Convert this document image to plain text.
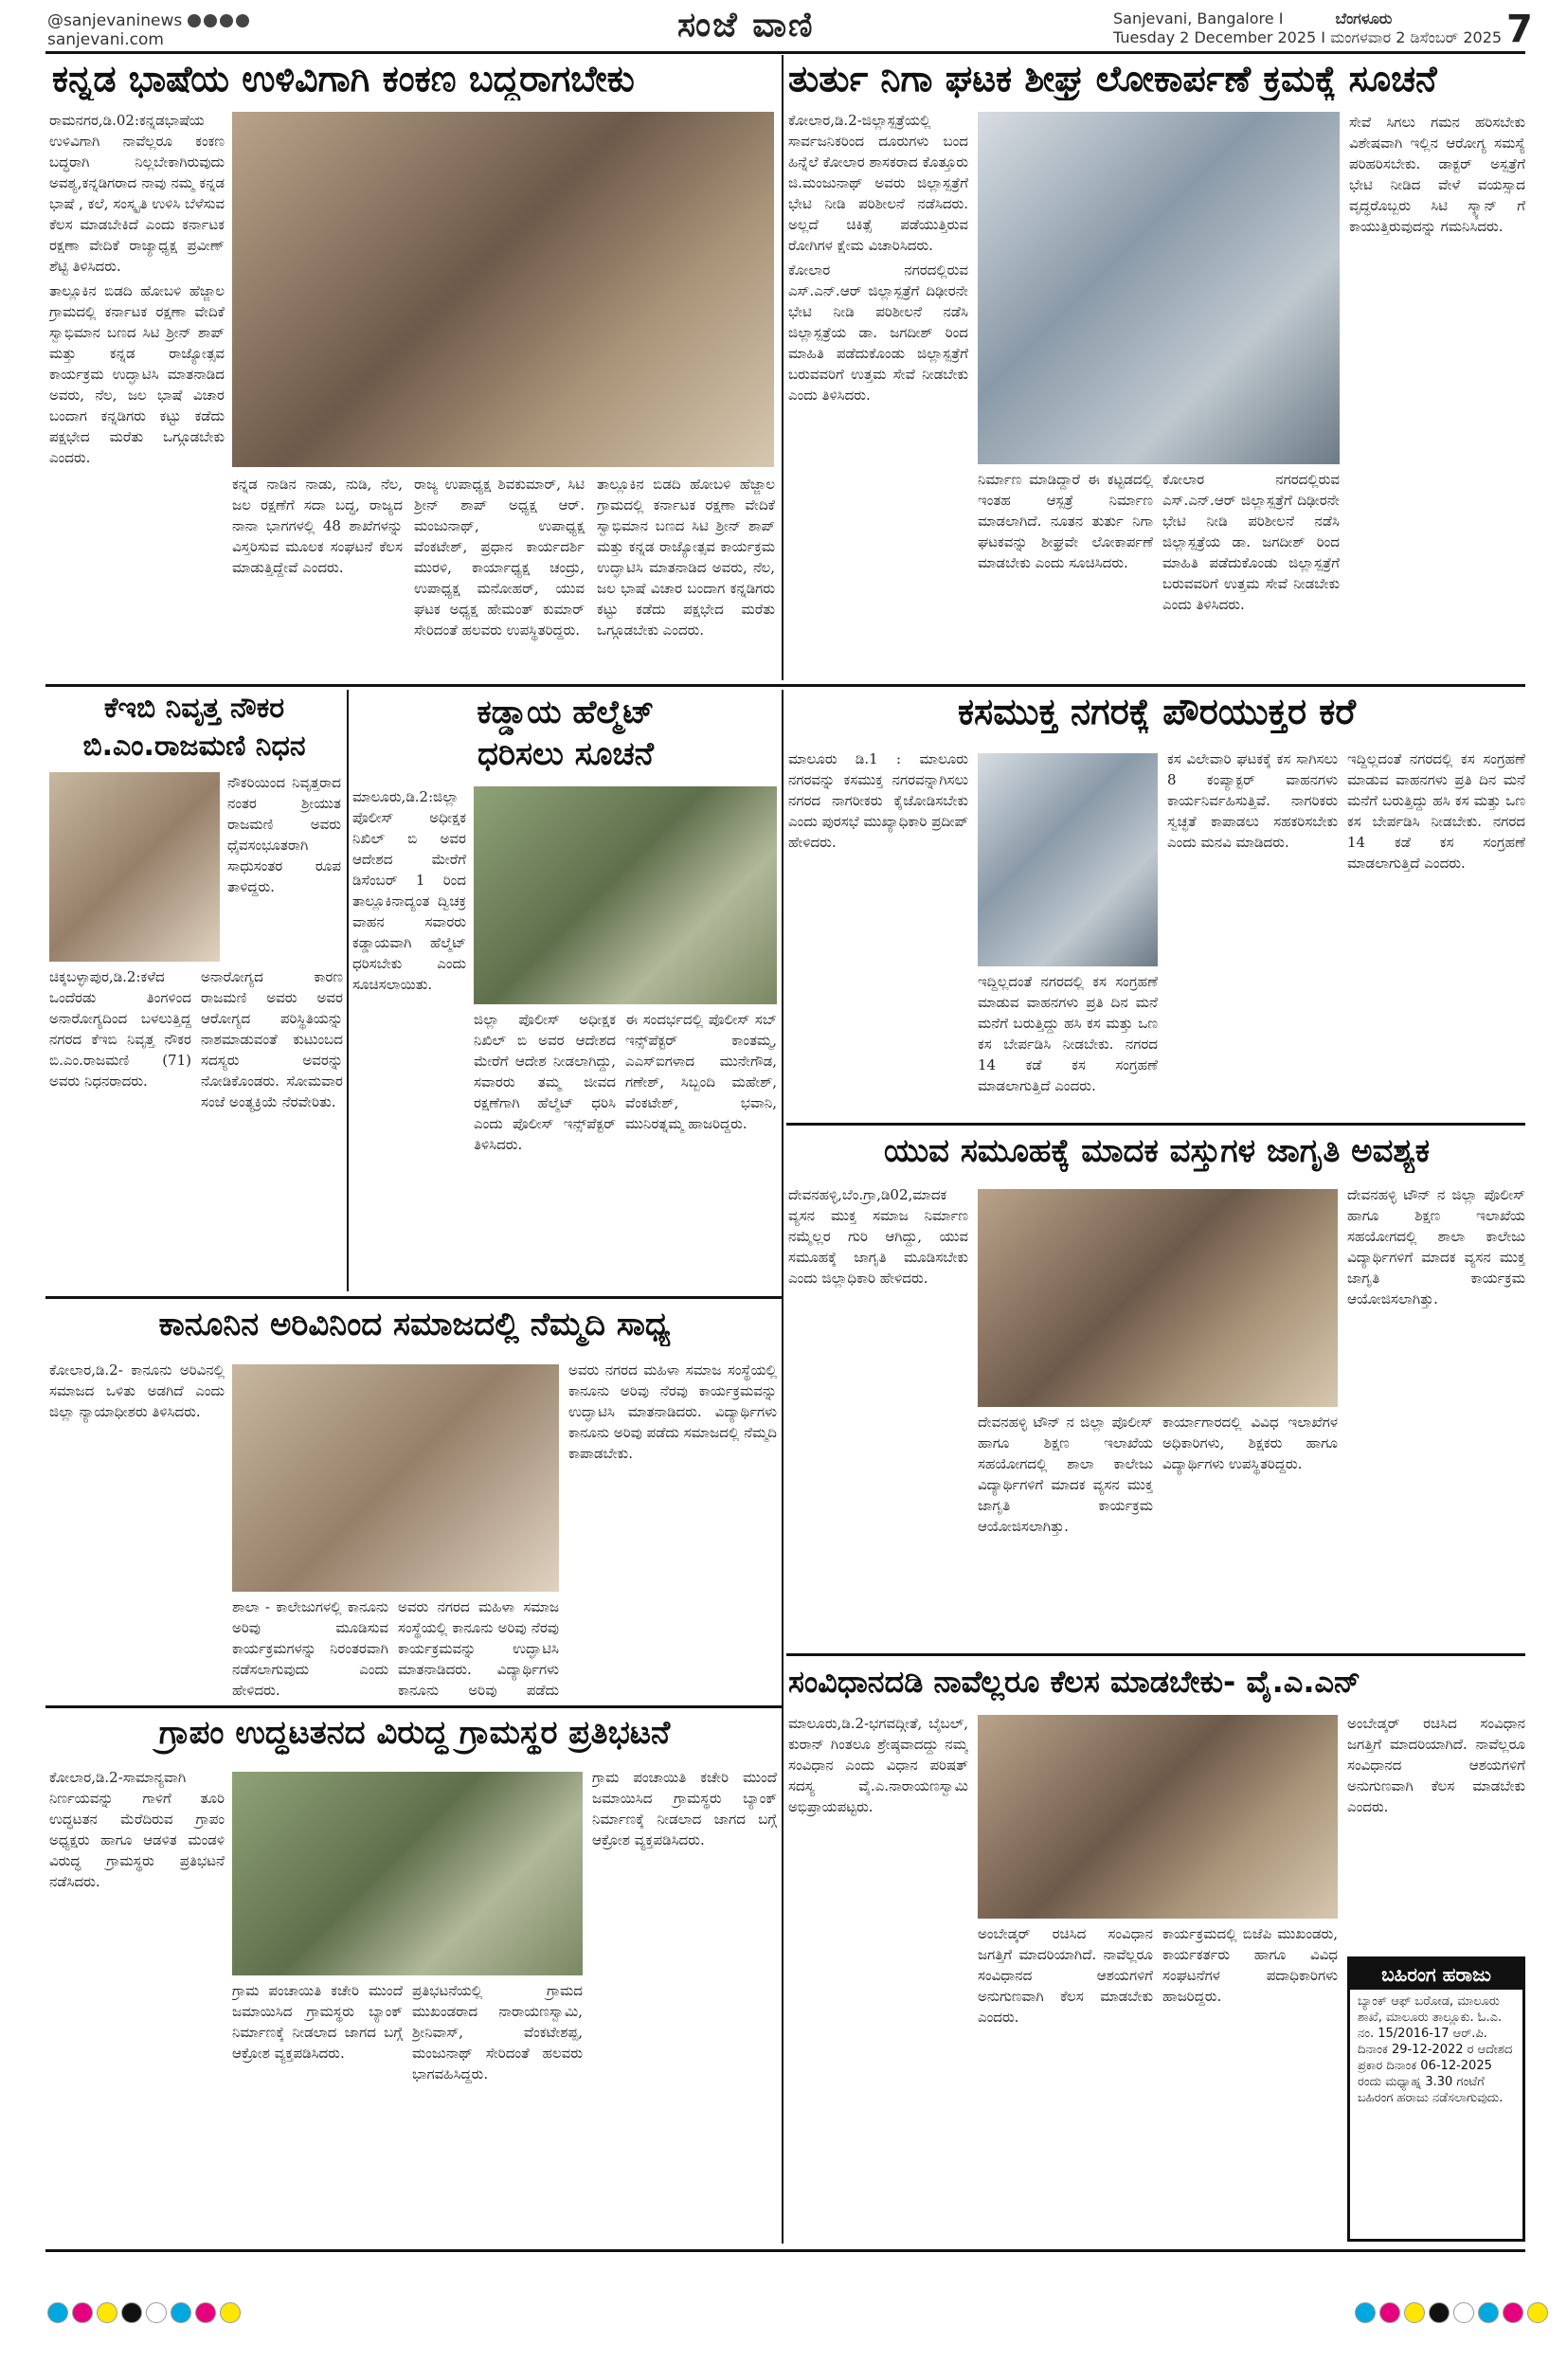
@sanjevaninews
sanjevani.com	ಸಂಜೆ ವಾಣಿ	Sanjevani, Bangalore I	ಬೆಂಗಳೂರು
Tuesday 2 December 2025 I ಮಂಗಳವಾರ 2 ಡಿಸೆಂಬರ್ 2025 7
ಕನ್ನಡ ಭಾಷೆಯ ಉಳಿವಿಗಾಗಿ ಕಂಕಣ ಬದ್ಧರಾಗಬೇಕು

ರಾಮನಗರ,ಡಿ.02:ಕನ್ನಡಭಾಷೆಯ ಉಳಿವಿಗಾಗಿ ನಾವೆಲ್ಲರೂ ಕಂಕಣ ಬದ್ಧರಾಗಿ ನಿಲ್ಲಬೇಕಾಗಿರುವುದು ಅವಶ್ಯ,ಕನ್ನಡಿಗರಾದ ನಾವು ನಮ್ಮ ಕನ್ನಡ ಭಾಷೆ , ಕಲೆ, ಸಂಸ್ಕೃತಿ ಉಳಿಸಿ ಬೆಳೆಸುವ ಕೆಲಸ ಮಾಡಬೇಕಿದೆ ಎಂದು ಕರ್ನಾಟಕ ರಕ್ಷಣಾ ವೇದಿಕೆ ರಾಜ್ಯಾಧ್ಯಕ್ಷ ಪ್ರವೀಣ್ ಶೆಟ್ಟಿ ತಿಳಿಸಿದರು.

ತಾಲ್ಲೂಕಿನ ಬಿಡದಿ ಹೋಬಳಿ ಹೆಜ್ಜಾಲ ಗ್ರಾಮದಲ್ಲಿ ಕರ್ನಾಟಕ ರಕ್ಷಣಾ ವೇದಿಕೆ ಸ್ವಾಭಿಮಾನ ಬಣದ ಸಿಟಿ ಶ್ರೀನ್ ಶಾಪ್ ಮತ್ತು ಕನ್ನಡ ರಾಜ್ಯೋತ್ಸವ ಕಾರ್ಯಕ್ರಮ ಉದ್ಘಾಟಿಸಿ ಮಾತನಾಡಿದ ಅವರು, ನೆಲ, ಜಲ ಭಾಷೆ ವಿಚಾರ ಬಂದಾಗ ಕನ್ನಡಿಗರು ಕಟ್ಟು ಕಡೆದು ಪಕ್ಷಭೇದ ಮರೆತು ಒಗ್ಗೂಡಬೇಕು ಎಂದರು.

ಕನ್ನಡ ನಾಡಿನ ನಾಡು, ನುಡಿ, ನೆಲ, ಜಲ ರಕ್ಷಣೆಗೆ ಸದಾ ಬದ್ಧ, ರಾಜ್ಯದ ನಾನಾ ಭಾಗಗಳಲ್ಲಿ 48 ಶಾಖೆಗಳನ್ನು ವಿಸ್ತರಿಸುವ ಮೂಲಕ ಸಂಘಟನೆ ಕೆಲಸ ಮಾಡುತ್ತಿದ್ದೇವೆ ಎಂದರು.
ರಾಜ್ಯ ಉಪಾಧ್ಯಕ್ಷ ಶಿವಕುಮಾರ್, ಸಿಟಿ ಶ್ರೀನ್ ಶಾಪ್ ಅಧ್ಯಕ್ಷ ಆರ್. ಮಂಜುನಾಥ್, ಉಪಾಧ್ಯಕ್ಷ ವೆಂಕಟೇಶ್, ಪ್ರಧಾನ ಕಾರ್ಯದರ್ಶಿ ಮುರಳಿ, ಕಾರ್ಯಾಧ್ಯಕ್ಷ ಚಂದ್ರು, ಉಪಾಧ್ಯಕ್ಷ ಮನೋಹರ್, ಯುವ ಘಟಕ ಅಧ್ಯಕ್ಷ ಹೇಮಂತ್ ಕುಮಾರ್ ಸೇರಿದಂತೆ ಹಲವರು ಉಪಸ್ಥಿತರಿದ್ದರು.
ತಾಲ್ಲೂಕಿನ ಬಿಡದಿ ಹೋಬಳಿ ಹೆಜ್ಜಾಲ ಗ್ರಾಮದಲ್ಲಿ ಕರ್ನಾಟಕ ರಕ್ಷಣಾ ವೇದಿಕೆ ಸ್ವಾಭಿಮಾನ ಬಣದ ಸಿಟಿ ಶ್ರೀನ್ ಶಾಪ್ ಮತ್ತು ಕನ್ನಡ ರಾಜ್ಯೋತ್ಸವ ಕಾರ್ಯಕ್ರಮ ಉದ್ಘಾಟಿಸಿ ಮಾತನಾಡಿದ ಅವರು, ನೆಲ, ಜಲ ಭಾಷೆ ವಿಚಾರ ಬಂದಾಗ ಕನ್ನಡಿಗರು ಕಟ್ಟು ಕಡೆದು ಪಕ್ಷಭೇದ ಮರೆತು ಒಗ್ಗೂಡಬೇಕು ಎಂದರು.
ತುರ್ತು ನಿಗಾ ಘಟಕ ಶೀಘ್ರ ಲೋಕಾರ್ಪಣೆ ಕ್ರಮಕ್ಕೆ ಸೂಚನೆ

ಕೋಲಾರ,ಡಿ.2-ಜಿಲ್ಲಾಸ್ಪತ್ರೆಯಲ್ಲಿ ಸಾರ್ವಜನಿಕರಿಂದ ದೂರುಗಳು ಬಂದ ಹಿನ್ನೆಲೆ ಕೋಲಾರ ಶಾಸಕರಾದ ಕೊತ್ತೂರು ಜಿ.ಮಂಜುನಾಥ್ ಅವರು ಜಿಲ್ಲಾಸ್ಪತ್ರೆಗೆ ಭೇಟಿ ನೀಡಿ ಪರಿಶೀಲನೆ ನಡೆಸಿದರು. ಅಲ್ಲದೆ ಚಿಕಿತ್ಸೆ ಪಡೆಯುತ್ತಿರುವ ರೋಗಿಗಳ ಕ್ಷೇಮ ವಿಚಾರಿಸಿದರು.

ಕೋಲಾರ ನಗರದಲ್ಲಿರುವ ಎಸ್.ಎನ್.ಆರ್ ಜಿಲ್ಲಾಸ್ಪತ್ರೆಗೆ ದಿಢೀರನೇ ಭೇಟಿ ನೀಡಿ ಪರಿಶೀಲನೆ ನಡೆಸಿ ಜಿಲ್ಲಾಸ್ಪತ್ರೆಯ ಡಾ. ಜಗದೀಶ್ ರಿಂದ ಮಾಹಿತಿ ಪಡೆದುಕೊಂಡು ಜಿಲ್ಲಾಸ್ಪತ್ರೆಗೆ ಬರುವವರಿಗೆ ಉತ್ತಮ ಸೇವೆ ನೀಡಬೇಕು ಎಂದು ತಿಳಿಸಿದರು.

ನಿರ್ಮಾಣ ಮಾಡಿದ್ದಾರೆ ಈ ಕಟ್ಟಡದಲ್ಲಿ ಇಂತಹ ಆಸ್ಪತ್ರೆ ನಿರ್ಮಾಣ ಮಾಡಲಾಗಿದೆ. ನೂತನ ತುರ್ತು ನಿಗಾ ಘಟಕವನ್ನು ಶೀಘ್ರವೇ ಲೋಕಾರ್ಪಣೆ ಮಾಡಬೇಕು ಎಂದು ಸೂಚಿಸಿದರು.
ಕೋಲಾರ ನಗರದಲ್ಲಿರುವ ಎಸ್.ಎನ್.ಆರ್ ಜಿಲ್ಲಾಸ್ಪತ್ರೆಗೆ ದಿಢೀರನೇ ಭೇಟಿ ನೀಡಿ ಪರಿಶೀಲನೆ ನಡೆಸಿ ಜಿಲ್ಲಾಸ್ಪತ್ರೆಯ ಡಾ. ಜಗದೀಶ್ ರಿಂದ ಮಾಹಿತಿ ಪಡೆದುಕೊಂಡು ಜಿಲ್ಲಾಸ್ಪತ್ರೆಗೆ ಬರುವವರಿಗೆ ಉತ್ತಮ ಸೇವೆ ನೀಡಬೇಕು ಎಂದು ತಿಳಿಸಿದರು.
ಸೇವೆ ಸಿಗಲು ಗಮನ ಹರಿಸಬೇಕು ವಿಶೇಷವಾಗಿ ಇಲ್ಲಿನ ಆರೋಗ್ಯ ಸಮಸ್ಯೆ ಪರಿಹರಿಸಬೇಕು. ಡಾಕ್ಟರ್ ಅಸ್ಪತ್ರೆಗೆ ಭೇಟಿ ನೀಡಿದ ವೇಳೆ ವಯಸ್ಸಾದ ವೃದ್ಧರೊಬ್ಬರು ಸಿಟಿ ಸ್ಕ್ಯಾನ್ ಗೆ ಕಾಯುತ್ತಿರುವುದನ್ನು ಗಮನಿಸಿದರು.
ಕೆಇಬಿ ನಿವೃತ್ತ ನೌಕರ
ಬಿ.ಎಂ.ರಾಜಮಣಿ ನಿಧನ
ನೌಕರಿಯಿಂದ ನಿವೃತ್ತರಾದ ನಂತರ ಶ್ರೀಯುತ ರಾಜಮಣಿ ಅವರು ಧೈವಸಂಭೂತರಾಗಿ ಸಾಧುಸಂತರ ರೂಪ ತಾಳಿದ್ದರು.
ಚಿಕ್ಕಬಳ್ಳಾಪುರ,ಡಿ.2:ಕಳೆದ ಒಂದೆರಡು ತಿಂಗಳಿಂದ ಅನಾರೋಗ್ಯದಿಂದ ಬಳಲುತ್ತಿದ್ದ ನಗರದ ಕೆಇಬಿ ನಿವೃತ್ತ ನೌಕರ ಬಿ.ಎಂ.ರಾಜಮಣಿ (71) ಅವರು ನಿಧನರಾದರು.
ಅನಾರೋಗ್ಯದ ಕಾರಣ ರಾಜಮಣಿ ಅವರು ಅವರ ಆರೋಗ್ಯದ ಪರಿಸ್ಥಿತಿಯನ್ನು ನಾಶಮಾಡುವಂತೆ ಕುಟುಂಬದ ಸದಸ್ಯರು ಅವರನ್ನು ನೋಡಿಕೊಂಡರು. ಸೋಮವಾರ ಸಂಜೆ ಅಂತ್ಯಕ್ರಿಯೆ ನೆರವೇರಿತು.
ಕಡ್ಡಾಯ ಹೆಲ್ಮೆಟ್
ಧರಿಸಲು ಸೂಚನೆ
ಮಾಲೂರು,ಡಿ.2:ಜಿಲ್ಲಾ ಪೊಲೀಸ್ ಅಧೀಕ್ಷಕ ನಿಖಿಲ್ ಬಿ ಅವರ ಆದೇಶದ ಮೇರೆಗೆ ಡಿಸೆಂಬರ್ 1 ರಿಂದ ತಾಲ್ಲೂಕಿನಾದ್ಯಂತ ದ್ವಿಚಕ್ರ ವಾಹನ ಸವಾರರು ಕಡ್ಡಾಯವಾಗಿ ಹೆಲ್ಮೆಟ್ ಧರಿಸಬೇಕು ಎಂದು ಸೂಚಿಸಲಾಯಿತು.
ಜಿಲ್ಲಾ ಪೊಲೀಸ್ ಅಧೀಕ್ಷಕ ನಿಖಿಲ್ ಬಿ ಅವರ ಆದೇಶದ ಮೇರೆಗೆ ಆದೇಶ ನೀಡಲಾಗಿದ್ದು, ಸವಾರರು ತಮ್ಮ ಜೀವದ ರಕ್ಷಣೆಗಾಗಿ ಹೆಲ್ಮೆಟ್ ಧರಿಸಿ ಎಂದು ಪೊಲೀಸ್ ಇನ್ಸ್‌ಪೆಕ್ಟರ್ ತಿಳಿಸಿದರು.
ಈ ಸಂದರ್ಭದಲ್ಲಿ ಪೊಲೀಸ್ ಸಬ್ ಇನ್ಸ್‌ಪೆಕ್ಟರ್ ಕಾಂತಮ್ಮ, ಎಎಸ್‌ಐಗಳಾದ ಮುನೇಗೌಡ, ಗಣೇಶ್, ಸಿಬ್ಬಂದಿ ಮಹೇಶ್, ವೆಂಕಟೇಶ್, ಭವಾನಿ, ಮುನಿರತ್ನಮ್ಮ ಹಾಜರಿದ್ದರು.
ಕಸಮುಕ್ತ ನಗರಕ್ಕೆ ಪೌರಯುಕ್ತರ ಕರೆ
ಮಾಲೂರು ಡಿ.1 : ಮಾಲೂರು ನಗರವನ್ನು ಕಸಮುಕ್ತ ನಗರವನ್ನಾಗಿಸಲು ನಗರದ ನಾಗರೀಕರು ಕೈಜೋಡಿಸಬೇಕು ಎಂದು ಪುರಸಭೆ ಮುಖ್ಯಾಧಿಕಾರಿ ಪ್ರದೀಪ್ ಹೇಳಿದರು.
ಇದ್ದಿಲ್ಲದಂತೆ ನಗರದಲ್ಲಿ ಕಸ ಸಂಗ್ರಹಣೆ ಮಾಡುವ ವಾಹನಗಳು ಪ್ರತಿ ದಿನ ಮನೆ ಮನೆಗೆ ಬರುತ್ತಿದ್ದು ಹಸಿ ಕಸ ಮತ್ತು ಒಣ ಕಸ ಬೇರ್ಪಡಿಸಿ ನೀಡಬೇಕು. ನಗರದ 14 ಕಡೆ ಕಸ ಸಂಗ್ರಹಣೆ ಮಾಡಲಾಗುತ್ತಿದೆ ಎಂದರು.
ಕಸ ವಿಲೇವಾರಿ ಘಟಕಕ್ಕೆ ಕಸ ಸಾಗಿಸಲು 8 ಕಂಪ್ಯಾಕ್ಟರ್ ವಾಹನಗಳು ಕಾರ್ಯನಿರ್ವಹಿಸುತ್ತಿವೆ. ನಾಗರಿಕರು ಸ್ವಚ್ಛತೆ ಕಾಪಾಡಲು ಸಹಕರಿಸಬೇಕು ಎಂದು ಮನವಿ ಮಾಡಿದರು.
ಇದ್ದಿಲ್ಲದಂತೆ ನಗರದಲ್ಲಿ ಕಸ ಸಂಗ್ರಹಣೆ ಮಾಡುವ ವಾಹನಗಳು ಪ್ರತಿ ದಿನ ಮನೆ ಮನೆಗೆ ಬರುತ್ತಿದ್ದು ಹಸಿ ಕಸ ಮತ್ತು ಒಣ ಕಸ ಬೇರ್ಪಡಿಸಿ ನೀಡಬೇಕು. ನಗರದ 14 ಕಡೆ ಕಸ ಸಂಗ್ರಹಣೆ ಮಾಡಲಾಗುತ್ತಿದೆ ಎಂದರು.
ಯುವ ಸಮೂಹಕ್ಕೆ ಮಾದಕ ವಸ್ತುಗಳ ಜಾಗೃತಿ ಅವಶ್ಯಕ
ದೇವನಹಳ್ಳಿ,ಬೆಂ.ಗ್ರಾ,ಡಿ02,ಮಾದಕ ವ್ಯಸನ ಮುಕ್ತ ಸಮಾಜ ನಿರ್ಮಾಣ ನಮ್ಮೆಲ್ಲರ ಗುರಿ ಆಗಿದ್ದು, ಯುವ ಸಮೂಹಕ್ಕೆ ಜಾಗೃತಿ ಮೂಡಿಸಬೇಕು ಎಂದು ಜಿಲ್ಲಾಧಿಕಾರಿ ಹೇಳಿದರು.
ದೇವನಹಳ್ಳಿ ಟೌನ್ ನ ಜಿಲ್ಲಾ ಪೊಲೀಸ್ ಹಾಗೂ ಶಿಕ್ಷಣ ಇಲಾಖೆಯ ಸಹಯೋಗದಲ್ಲಿ ಶಾಲಾ ಕಾಲೇಜು ವಿದ್ಯಾರ್ಥಿಗಳಿಗೆ ಮಾದಕ ವ್ಯಸನ ಮುಕ್ತ ಜಾಗೃತಿ ಕಾರ್ಯಕ್ರಮ ಆಯೋಜಿಸಲಾಗಿತ್ತು.
ಕಾರ್ಯಾಗಾರದಲ್ಲಿ ವಿವಿಧ ಇಲಾಖೆಗಳ ಅಧಿಕಾರಿಗಳು, ಶಿಕ್ಷಕರು ಹಾಗೂ ವಿದ್ಯಾರ್ಥಿಗಳು ಉಪಸ್ಥಿತರಿದ್ದರು.
ದೇವನಹಳ್ಳಿ ಟೌನ್ ನ ಜಿಲ್ಲಾ ಪೊಲೀಸ್ ಹಾಗೂ ಶಿಕ್ಷಣ ಇಲಾಖೆಯ ಸಹಯೋಗದಲ್ಲಿ ಶಾಲಾ ಕಾಲೇಜು ವಿದ್ಯಾರ್ಥಿಗಳಿಗೆ ಮಾದಕ ವ್ಯಸನ ಮುಕ್ತ ಜಾಗೃತಿ ಕಾರ್ಯಕ್ರಮ ಆಯೋಜಿಸಲಾಗಿತ್ತು.
ಕಾನೂನಿನ ಅರಿವಿನಿಂದ ಸಮಾಜದಲ್ಲಿ ನೆಮ್ಮದಿ ಸಾಧ್ಯ
ಕೋಲಾರ,ಡಿ.2- ಕಾನೂನು ಅರಿವಿನಲ್ಲಿ ಸಮಾಜದ ಒಳಿತು ಅಡಗಿದೆ ಎಂದು ಜಿಲ್ಲಾ ನ್ಯಾಯಾಧೀಶರು ತಿಳಿಸಿದರು.
ಶಾಲಾ - ಕಾಲೇಜುಗಳಲ್ಲಿ ಕಾನೂನು ಅರಿವು ಮೂಡಿಸುವ ಕಾರ್ಯಕ್ರಮಗಳನ್ನು ನಿರಂತರವಾಗಿ ನಡೆಸಲಾಗುವುದು ಎಂದು ಹೇಳಿದರು.
ಅವರು ನಗರದ ಮಹಿಳಾ ಸಮಾಜ ಸಂಸ್ಥೆಯಲ್ಲಿ ಕಾನೂನು ಅರಿವು ನೆರವು ಕಾರ್ಯಕ್ರಮವನ್ನು ಉದ್ಘಾಟಿಸಿ ಮಾತನಾಡಿದರು. ವಿದ್ಯಾರ್ಥಿಗಳು ಕಾನೂನು ಅರಿವು ಪಡೆದು
ಅವರು ನಗರದ ಮಹಿಳಾ ಸಮಾಜ ಸಂಸ್ಥೆಯಲ್ಲಿ ಕಾನೂನು ಅರಿವು ನೆರವು ಕಾರ್ಯಕ್ರಮವನ್ನು ಉದ್ಘಾಟಿಸಿ ಮಾತನಾಡಿದರು. ವಿದ್ಯಾರ್ಥಿಗಳು ಕಾನೂನು ಅರಿವು ಪಡೆದು ಸಮಾಜದಲ್ಲಿ ನೆಮ್ಮದಿ ಕಾಪಾಡಬೇಕು.
ಗ್ರಾಪಂ ಉದ್ಧಟತನದ ವಿರುದ್ಧ ಗ್ರಾಮಸ್ಥರ ಪ್ರತಿಭಟನೆ
ಕೋಲಾರ,ಡಿ.2-ಸಾಮಾನ್ಯವಾಗಿ ನಿರ್ಣಯವನ್ನು ಗಾಳಿಗೆ ತೂರಿ ಉದ್ಧಟತನ ಮೆರೆದಿರುವ ಗ್ರಾಪಂ ಅಧ್ಯಕ್ಷರು ಹಾಗೂ ಆಡಳಿತ ಮಂಡಳಿ ವಿರುದ್ಧ ಗ್ರಾಮಸ್ಥರು ಪ್ರತಿಭಟನೆ ನಡೆಸಿದರು.
ಗ್ರಾಮ ಪಂಚಾಯಿತಿ ಕಚೇರಿ ಮುಂದೆ ಜಮಾಯಿಸಿದ ಗ್ರಾಮಸ್ಥರು ಬ್ಯಾಂಕ್ ನಿರ್ಮಾಣಕ್ಕೆ ನೀಡಲಾದ ಜಾಗದ ಬಗ್ಗೆ ಆಕ್ರೋಶ ವ್ಯಕ್ತಪಡಿಸಿದರು.
ಪ್ರತಿಭಟನೆಯಲ್ಲಿ ಗ್ರಾಮದ ಮುಖಂಡರಾದ ನಾರಾಯಣಸ್ವಾಮಿ, ಶ್ರೀನಿವಾಸ್, ವೆಂಕಟೇಶಪ್ಪ, ಮಂಜುನಾಥ್ ಸೇರಿದಂತೆ ಹಲವರು ಭಾಗವಹಿಸಿದ್ದರು.
ಗ್ರಾಮ ಪಂಚಾಯಿತಿ ಕಚೇರಿ ಮುಂದೆ ಜಮಾಯಿಸಿದ ಗ್ರಾಮಸ್ಥರು ಬ್ಯಾಂಕ್ ನಿರ್ಮಾಣಕ್ಕೆ ನೀಡಲಾದ ಜಾಗದ ಬಗ್ಗೆ ಆಕ್ರೋಶ ವ್ಯಕ್ತಪಡಿಸಿದರು.
ಸಂವಿಧಾನದಡಿ ನಾವೆಲ್ಲರೂ ಕೆಲಸ ಮಾಡಬೇಕು- ವೈ.ಎ.ಎನ್
ಮಾಲೂರು,ಡಿ.2-ಭಗವದ್ಗೀತೆ, ಬೈಬಲ್, ಕುರಾನ್ ಗಿಂತಲೂ ಶ್ರೇಷ್ಠವಾದದ್ದು ನಮ್ಮ ಸಂವಿಧಾನ ಎಂದು ವಿಧಾನ ಪರಿಷತ್ ಸದಸ್ಯ ವೈ.ಎ.ನಾರಾಯಣಸ್ವಾಮಿ ಅಭಿಪ್ರಾಯಪಟ್ಟರು.
ಅಂಬೇಡ್ಕರ್ ರಚಿಸಿದ ಸಂವಿಧಾನ ಜಗತ್ತಿಗೆ ಮಾದರಿಯಾಗಿದೆ. ನಾವೆಲ್ಲರೂ ಸಂವಿಧಾನದ ಆಶಯಗಳಿಗೆ ಅನುಗುಣವಾಗಿ ಕೆಲಸ ಮಾಡಬೇಕು ಎಂದರು.
ಕಾರ್ಯಕ್ರಮದಲ್ಲಿ ಬಿಜೆಪಿ ಮುಖಂಡರು, ಕಾರ್ಯಕರ್ತರು ಹಾಗೂ ವಿವಿಧ ಸಂಘಟನೆಗಳ ಪದಾಧಿಕಾರಿಗಳು ಹಾಜರಿದ್ದರು.
ಅಂಬೇಡ್ಕರ್ ರಚಿಸಿದ ಸಂವಿಧಾನ ಜಗತ್ತಿಗೆ ಮಾದರಿಯಾಗಿದೆ. ನಾವೆಲ್ಲರೂ ಸಂವಿಧಾನದ ಆಶಯಗಳಿಗೆ ಅನುಗುಣವಾಗಿ ಕೆಲಸ ಮಾಡಬೇಕು ಎಂದರು.
ಬಹಿರಂಗ ಹರಾಜು
ಬ್ಯಾಂಕ್ ಆಫ್ ಬರೋಡ, ಮಾಲೂರು ಶಾಖೆ, ಮಾಲೂರು ತಾಲ್ಲೂಕು. ಓ.ಎ. ನಂ. 15/2016-17 ಆರ್.ಪಿ. ದಿನಾಂಕ 29-12-2022 ರ ಆದೇಶದ ಪ್ರಕಾರ ದಿನಾಂಕ 06-12-2025 ರಂದು ಮಧ್ಯಾಹ್ನ 3.30 ಗಂಟೆಗೆ ಬಹಿರಂಗ ಹರಾಜು ನಡೆಸಲಾಗುವುದು.
